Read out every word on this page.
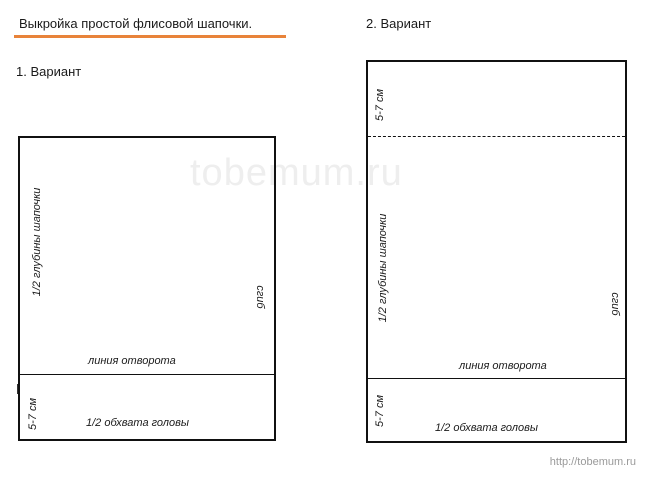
Выкройка простой флисовой шапочки.
tobemum.ru
1. Вариант
1/2 глубины шапочки
сгиб
линия отворота
5-7 см	1/2 обхвата головы
2. Вариант
5-7 см
1/2 глубины шапочки	сгиб
линия отворота
5-7 см
1/2 обхвата головы
http://tobemum.ru
